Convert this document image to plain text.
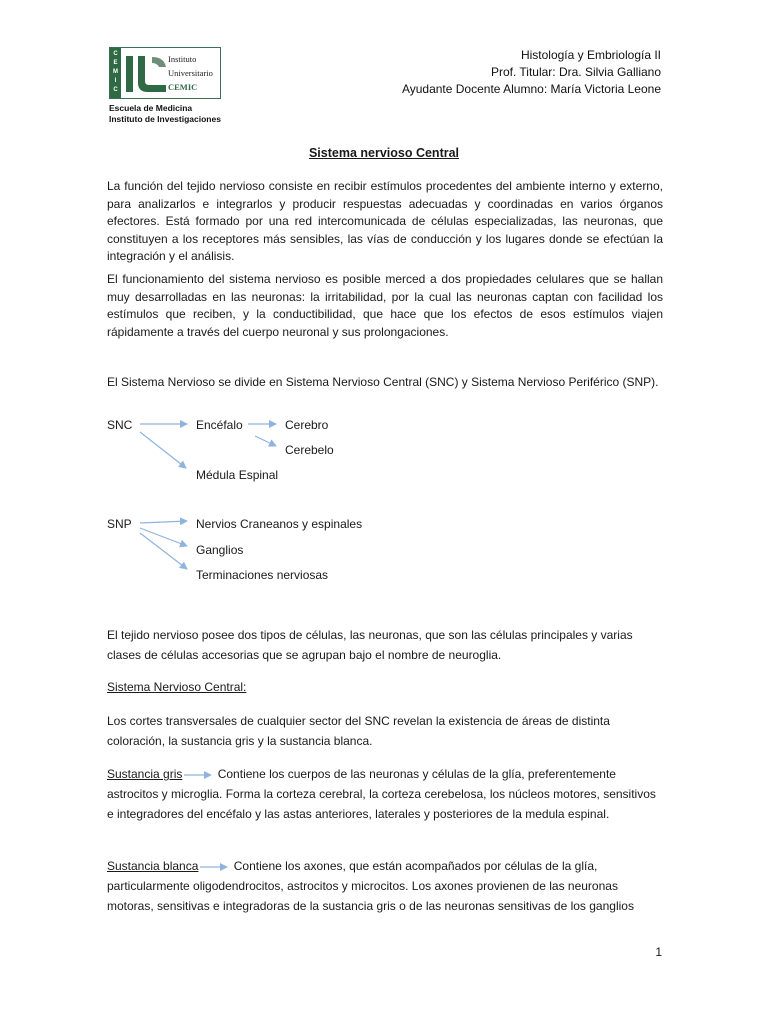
C
E
M
I
C
Instituto
Universitario
CEMIC
Escuela de Medicina
Instituto de Investigaciones
Histología y Embriología II
Prof. Titular: Dra. Silvia Galliano
Ayudante Docente Alumno: María Victoria Leone
Sistema nervioso Central

La función del tejido nervioso consiste en recibir estímulos procedentes del ambiente interno y externo, para analizarlos e integrarlos y producir respuestas adecuadas y coordinadas en varios órganos efectores. Está formado por una red intercomunicada de células especializadas, las neuronas, que constituyen a los receptores más sensibles, las vías de conducción y los lugares donde se efectúan la integración y el análisis.

El funcionamiento del sistema nervioso es posible merced a dos propiedades celulares que se hallan muy desarrolladas en las neuronas: la irritabilidad, por la cual las neuronas captan con facilidad los estímulos que reciben, y la conductibilidad, que hace que los efectos de esos estímulos viajen rápidamente a través del cuerpo neuronal y sus prolongaciones.

El Sistema Nervioso se divide en Sistema Nervioso Central (SNC) y Sistema Nervioso Periférico (SNP).

SNC	Encéfalo	Cerebro
Cerebelo
Médula Espinal
SNP	Nervios Craneanos y espinales
Ganglios
Terminaciones nerviosas

El tejido nervioso posee dos tipos de células, las neuronas, que son las células principales y varias clases de células accesorias que se agrupan bajo el nombre de neuroglia.

Sistema Nervioso Central:

Los cortes transversales de cualquier sector del SNC revelan la existencia de áreas de distinta coloración, la sustancia gris y la sustancia blanca.

Sustancia gris	Contiene los cuerpos de las neuronas y células de la glía, preferentemente astrocitos y microglia. Forma la corteza cerebral, la corteza cerebelosa, los núcleos motores, sensitivos e integradores del encéfalo y las astas anteriores, laterales y posteriores de la medula espinal.

Sustancia blanca	Contiene los axones, que están acompañados por células de la glía, particularmente oligodendrocitos, astrocitos y microcitos. Los axones provienen de las neuronas motoras, sensitivas e integradoras de la sustancia gris o de las neuronas sensitivas de los ganglios

1
